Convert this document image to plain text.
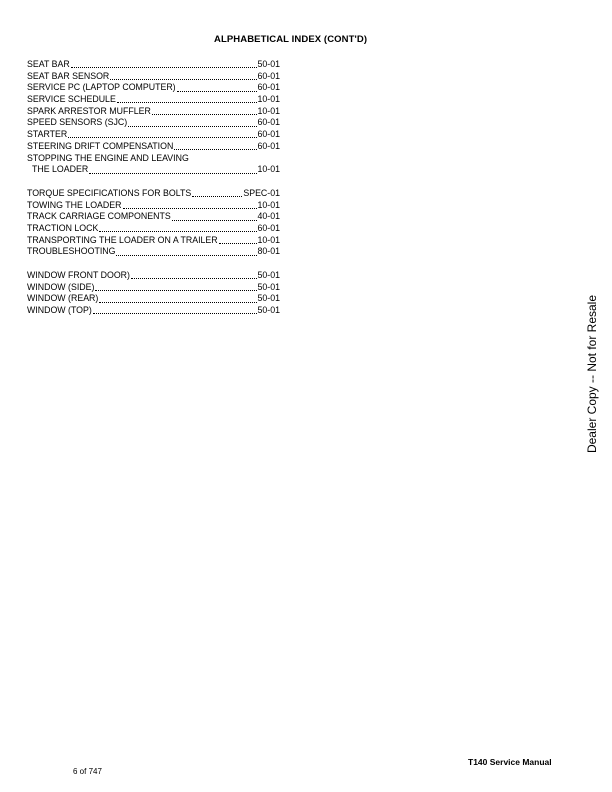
ALPHABETICAL INDEX (CONT'D)
SEAT BAR	50-01
SEAT BAR SENSOR	60-01
SERVICE PC (LAPTOP COMPUTER)	60-01
SERVICE SCHEDULE	10-01
SPARK ARRESTOR MUFFLER	10-01
SPEED SENSORS (SJC)	60-01
STARTER	60-01
STEERING DRIFT COMPENSATION	60-01
STOPPING THE ENGINE AND LEAVING
THE LOADER	10-01
TORQUE SPECIFICATIONS FOR BOLTS	SPEC-01
TOWING THE LOADER	10-01
TRACK CARRIAGE COMPONENTS	40-01
TRACTION LOCK	60-01
TRANSPORTING THE LOADER ON A TRAILER	10-01
TROUBLESHOOTING	80-01
WINDOW FRONT DOOR)	50-01
WINDOW (SIDE)	50-01
WINDOW (REAR)	50-01
WINDOW (TOP)	50-01	Dealer Copy -- Not for Resale
6 of 747
T140 Service Manual
